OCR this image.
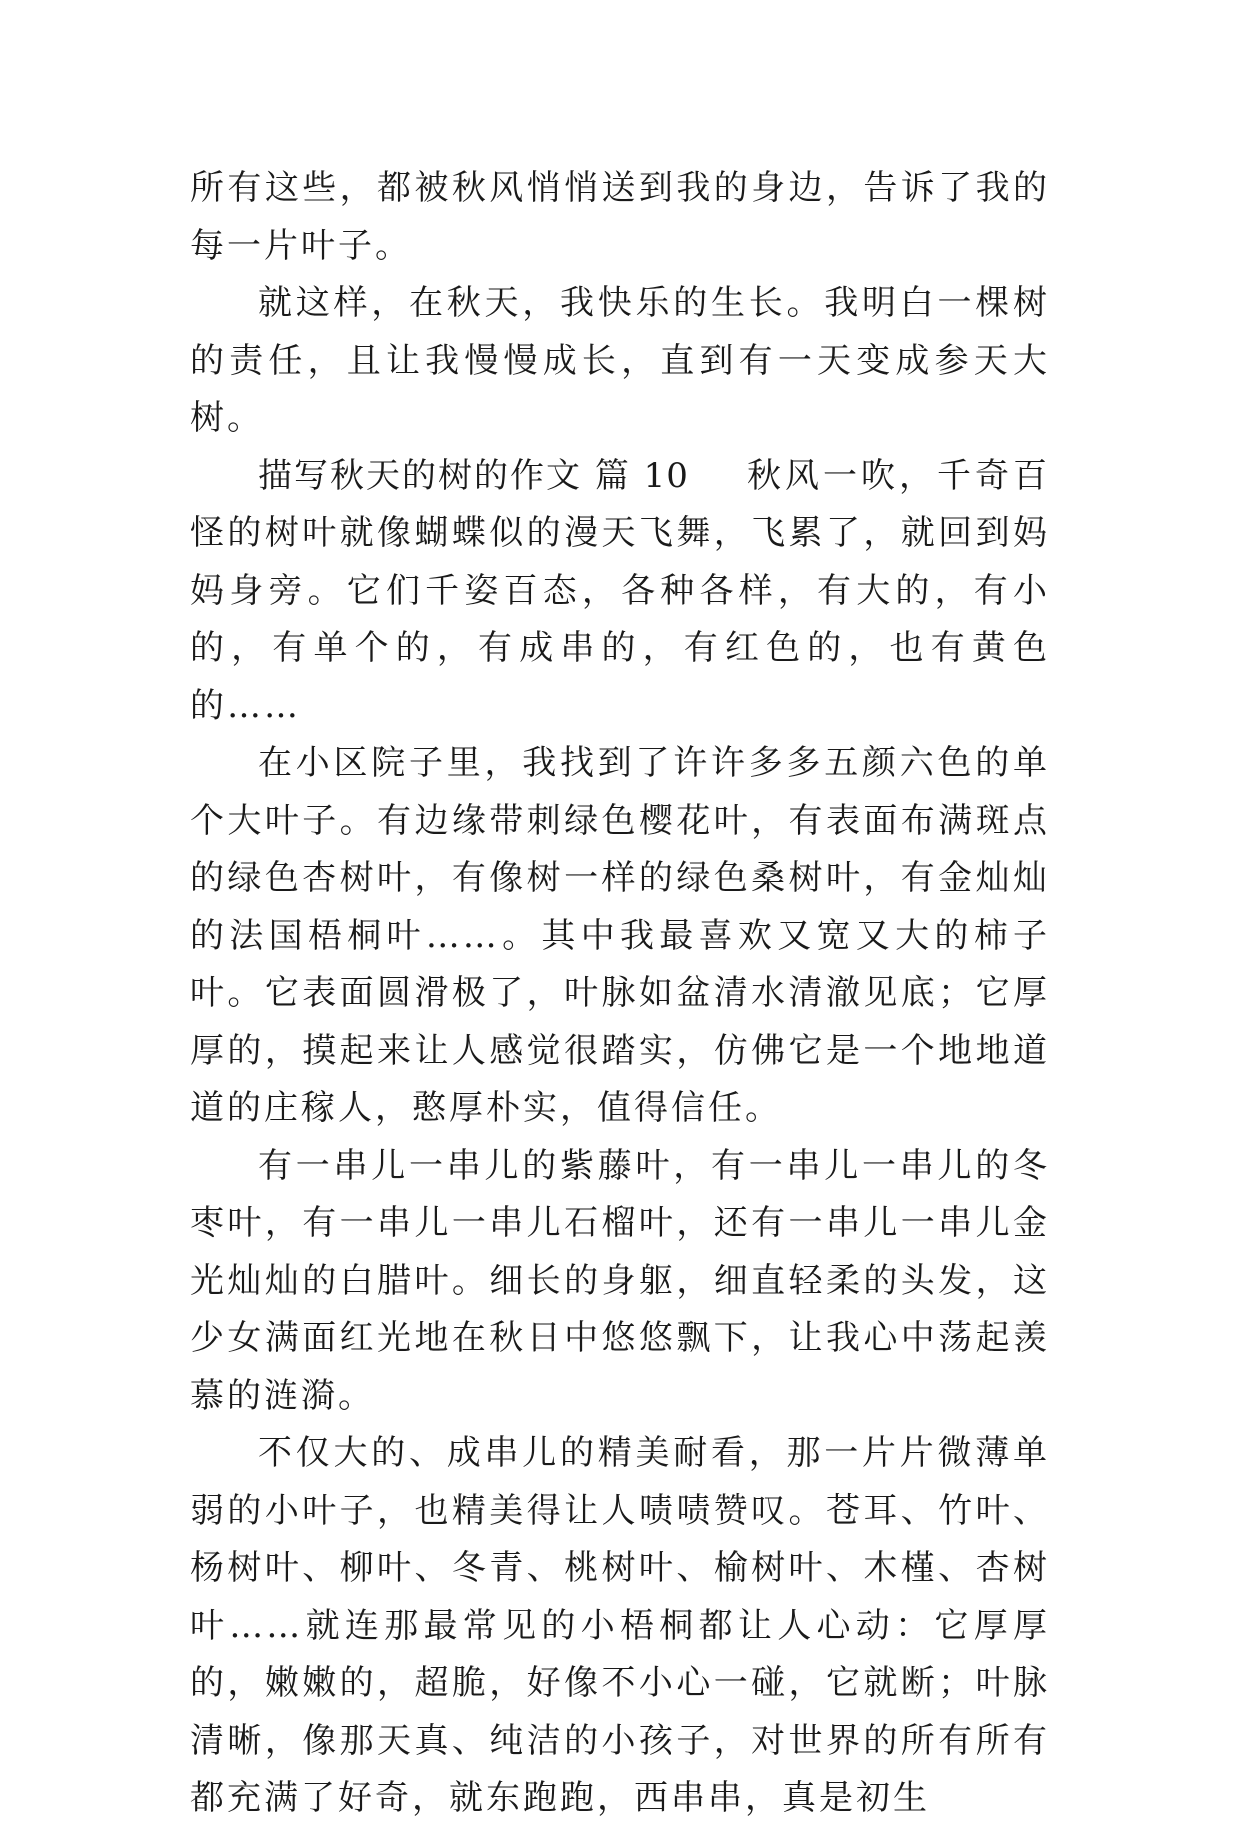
所有这些，都被秋风悄悄送到我的身边，告诉了我的每一片叶子。

就这样，在秋天，我快乐的生长。我明白一棵树的责任，且让我慢慢成长，直到有一天变成参天大树。

描写秋天的树的作文 篇 10   秋风一吹，千奇百怪的树叶就像蝴蝶似的漫天飞舞，飞累了，就回到妈妈身旁。它们千姿百态，各种各样，有大的，有小的，有单个的，有成串的，有红色的，也有黄色的……

在小区院子里，我找到了许许多多五颜六色的单个大叶子。有边缘带刺绿色樱花叶，有表面布满斑点的绿色杏树叶，有像树一样的绿色桑树叶，有金灿灿的法国梧桐叶……。其中我最喜欢又宽又大的柿子叶。它表面圆滑极了，叶脉如盆清水清澈见底；它厚厚的，摸起来让人感觉很踏实，仿佛它是一个地地道道的庄稼人，憨厚朴实，值得信任。

有一串儿一串儿的紫藤叶，有一串儿一串儿的冬枣叶，有一串儿一串儿石榴叶，还有一串儿一串儿金光灿灿的白腊叶。细长的身躯，细直轻柔的头发，这少女满面红光地在秋日中悠悠飘下，让我心中荡起羡慕的涟漪。

不仅大的、成串儿的精美耐看，那一片片微薄单弱的小叶子，也精美得让人啧啧赞叹。苍耳、竹叶、杨树叶、柳叶、冬青、桃树叶、榆树叶、木槿、杏树叶……就连那最常见的小梧桐都让人心动：它厚厚的，嫩嫩的，超脆，好像不小心一碰，它就断；叶脉清晰，像那天真、纯洁的小孩子，对世界的所有所有都充满了好奇，就东跑跑，西串串，真是初生
